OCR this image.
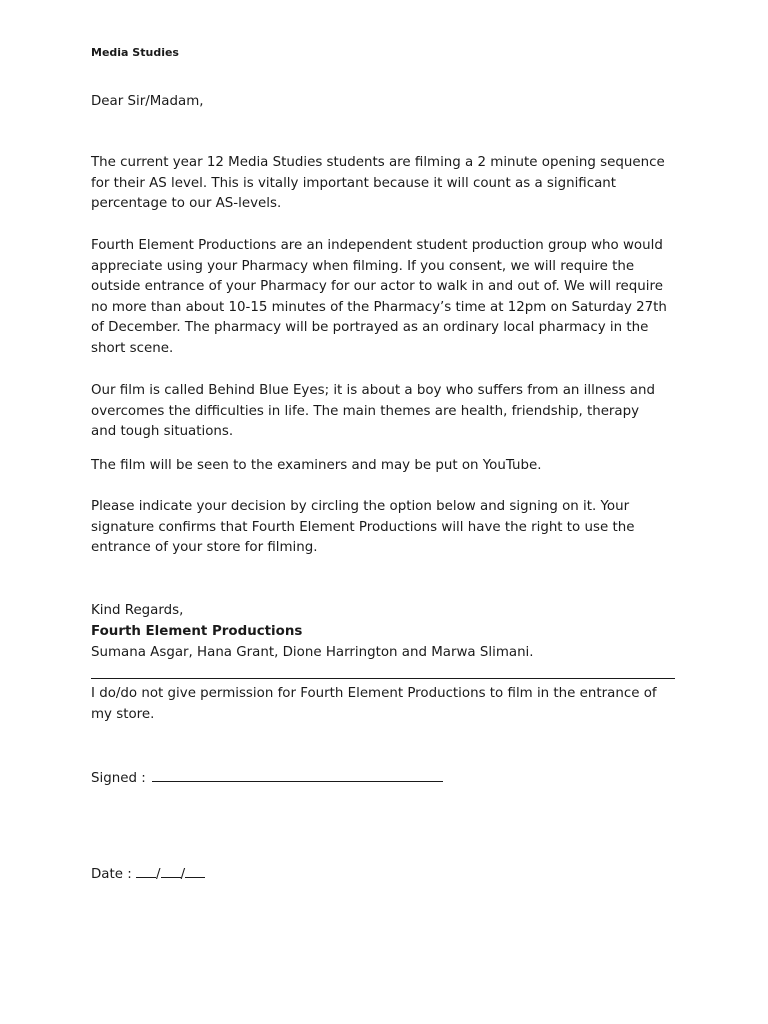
Media Studies
Dear Sir/Madam,
The current year 12 Media Studies students are filming a 2 minute opening sequence
for their AS level. This is vitally important because it will count as a significant
percentage to our AS-levels.
Fourth Element Productions are an independent student production group who would
appreciate using your Pharmacy when filming. If you consent, we will require the
outside entrance of your Pharmacy for our actor to walk in and out of. We will require
no more than about 10-15 minutes of the Pharmacy’s time at 12pm on Saturday 27th
of December. The pharmacy will be portrayed as an ordinary local pharmacy in the
short scene.
Our film is called Behind Blue Eyes; it is about a boy who suffers from an illness and
overcomes the difficulties in life. The main themes are health, friendship, therapy
and tough situations.
The film will be seen to the examiners and may be put on YouTube.
Please indicate your decision by circling the option below and signing on it. Your
signature confirms that Fourth Element Productions will have the right to use the
entrance of your store for filming.
Kind Regards,
Fourth Element Productions
Sumana Asgar, Hana Grant, Dione Harrington and Marwa Slimani.
I do/do not give permission for Fourth Element Productions to film in the entrance of
my store.
Signed :
Date : / /
